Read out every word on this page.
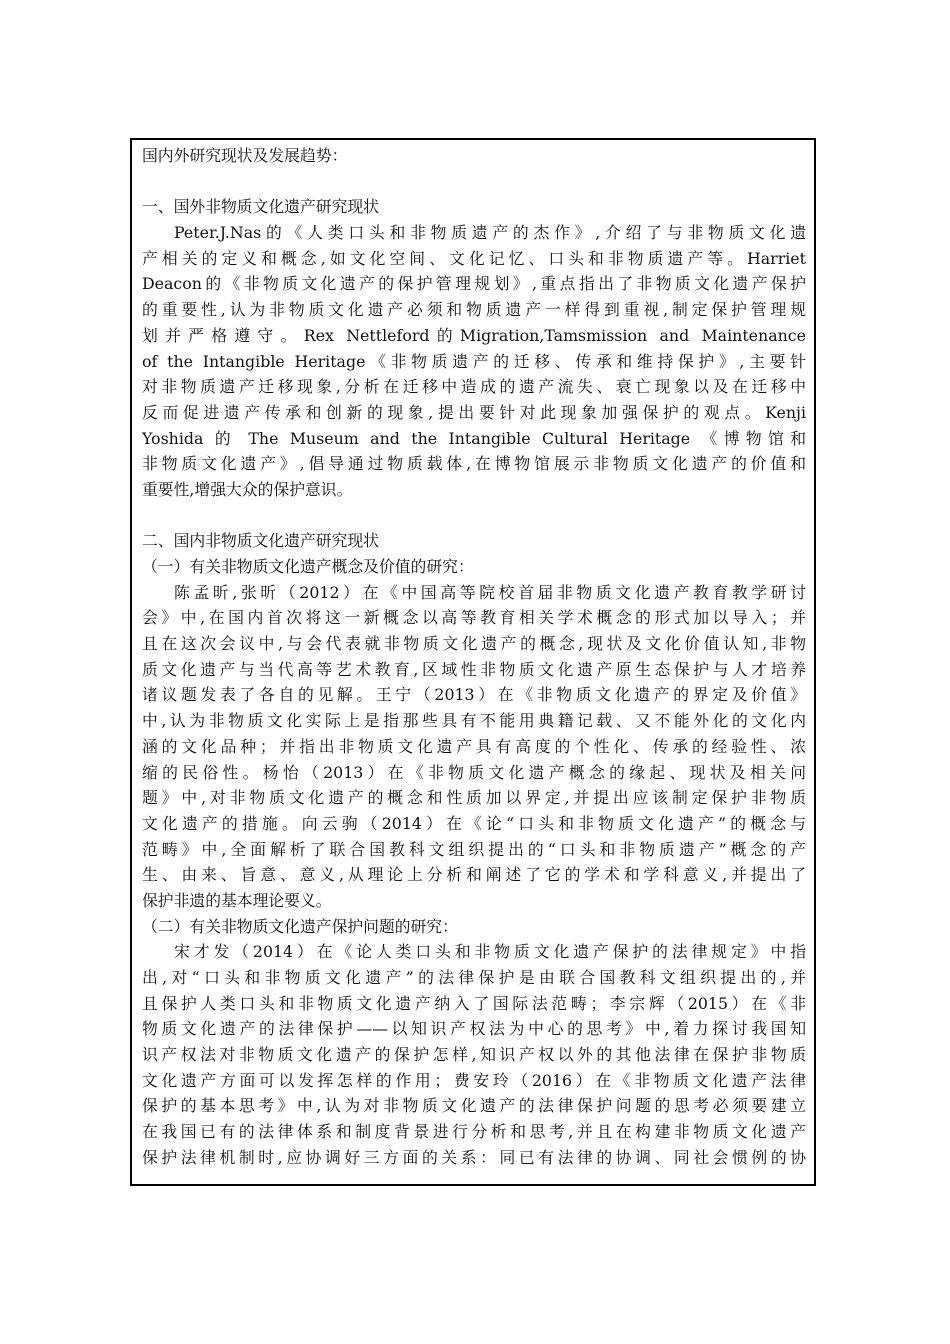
国内外研究现状及发展趋势：
一、国外非物质文化遗产研究现状
Peter.J.Nas的《人类口头和非物质遗产的杰作》,介绍了与非物质文化遗
产相关的定义和概念,如文化空间、文化记忆、口头和非物质遗产等。Harriet
Deacon的《非物质文化遗产的保护管理规划》,重点指出了非物质文化遗产保护
的重要性,认为非物质文化遗产必须和物质遗产一样得到重视,制定保护管理规
划并严格遵守。Rex Nettleford的Migration,Tamsmission and Maintenance
of the Intangible Heritage《非物质遗产的迁移、传承和维持保护》,主要针
对非物质遗产迁移现象,分析在迁移中造成的遗产流失、衰亡现象以及在迁移中
反而促进遗产传承和创新的现象,提出要针对此现象加强保护的观点。Kenji
Yoshida 的 The Museum and the Intangible Cultural Heritage 《博物馆和
非物质文化遗产》,倡导通过物质载体,在博物馆展示非物质文化遗产的价值和
重要性,增强大众的保护意识。
二、国内非物质文化遗产研究现状
（一）有关非物质文化遗产概念及价值的研究：
陈孟昕,张昕（2012）在《中国高等院校首届非物质文化遗产教育教学研讨
会》中,在国内首次将这一新概念以高等教育相关学术概念的形式加以导入；并
且在这次会议中,与会代表就非物质文化遗产的概念,现状及文化价值认知,非物
质文化遗产与当代高等艺术教育,区域性非物质文化遗产原生态保护与人才培养
诸议题发表了各自的见解。王宁（2013）在《非物质文化遗产的界定及价值》
中,认为非物质文化实际上是指那些具有不能用典籍记载、又不能外化的文化内
涵的文化品种；并指出非物质文化遗产具有高度的个性化、传承的经验性、浓
缩的民俗性。杨怡（2013）在《非物质文化遗产概念的缘起、现状及相关问
题》中,对非物质文化遗产的概念和性质加以界定,并提出应该制定保护非物质
文化遗产的措施。向云驹（2014）在《论“口头和非物质文化遗产”的概念与
范畴》中,全面解析了联合国教科文组织提出的“口头和非物质遗产”概念的产
生、由来、旨意、意义,从理论上分析和阐述了它的学术和学科意义,并提出了
保护非遗的基本理论要义。
（二）有关非物质文化遗产保护问题的研究：
宋才发（2014）在《论人类口头和非物质文化遗产保护的法律规定》中指
出,对“口头和非物质文化遗产”的法律保护是由联合国教科文组织提出的,并
且保护人类口头和非物质文化遗产纳入了国际法范畴；李宗辉（2015）在《非
物质文化遗产的法律保护——以知识产权法为中心的思考》中,着力探讨我国知
识产权法对非物质文化遗产的保护怎样,知识产权以外的其他法律在保护非物质
文化遗产方面可以发挥怎样的作用；费安玲（2016）在《非物质文化遗产法律
保护的基本思考》中,认为对非物质文化遗产的法律保护问题的思考必须要建立
在我国已有的法律体系和制度背景进行分析和思考,并且在构建非物质文化遗产
保护法律机制时,应协调好三方面的关系：同已有法律的协调、同社会惯例的协
